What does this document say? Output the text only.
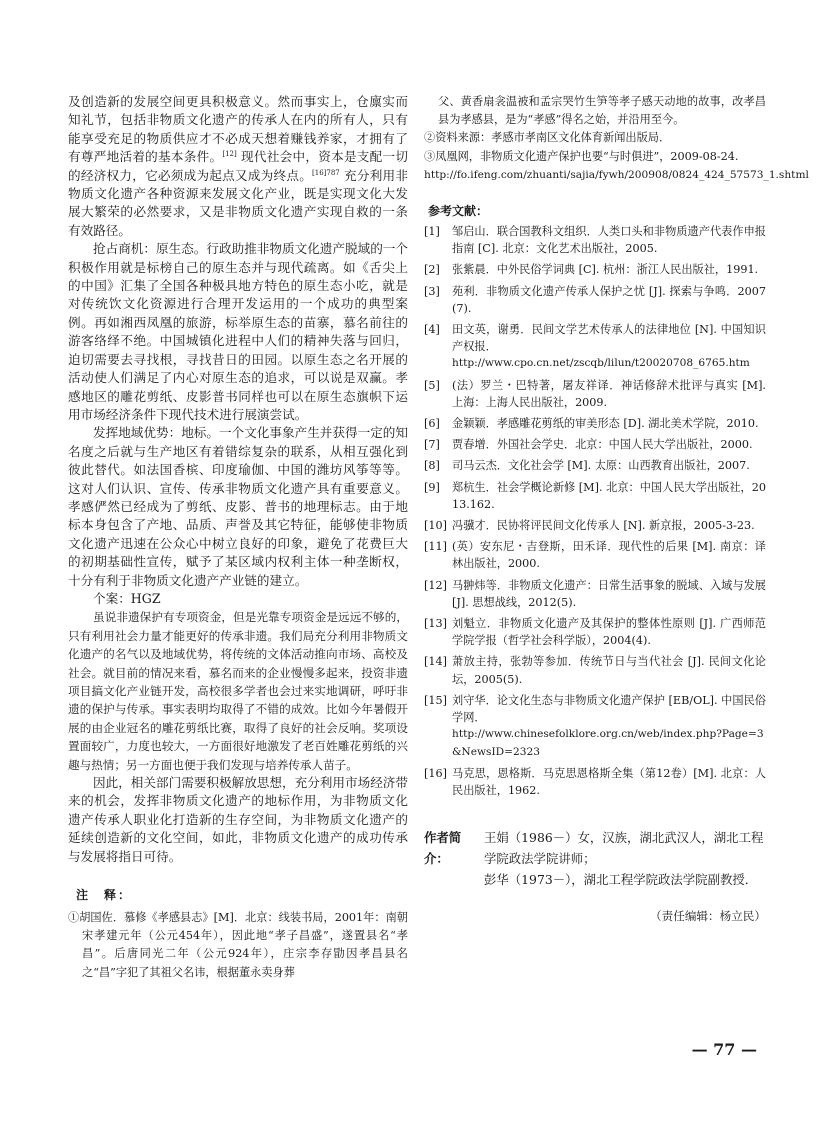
及创造新的发展空间更具积极意义。然而事实上，仓廪实而知礼节，包括非物质文化遗产的传承人在内的所有人，只有能享受充足的物质供应才不必成天想着赚钱养家，才拥有了有尊严地活着的基本条件。[12] 现代社会中，资本是支配一切的经济权力，它必须成为起点又成为终点。$^{[16]787}$ 充分利用非物质文化遗产各种资源来发展文化产业，既是实现文化大发展大繁荣的必然要求，又是非物质文化遗产实现自救的一条有效路径。

抢占商机：原生态。行政助推非物质文化遗产脱域的一个积极作用就是标榜自己的原生态并与现代疏离。如《舌尖上的中国》汇集了全国各种极具地方特色的原生态小吃，就是对传统饮文化资源进行合理开发运用的一个成功的典型案例。再如湘西凤凰的旅游，标举原生态的苗寨，慕名前往的游客络绎不绝。中国城镇化进程中人们的精神失落与回归，迫切需要去寻找根，寻找昔日的田园。以原生态之名开展的活动使人们满足了内心对原生态的追求，可以说是双赢。孝感地区的雕花剪纸、皮影普书同样也可以在原生态旗帜下运用市场经济条件下现代技术进行展演尝试。

发挥地域优势：地标。一个文化事象产生并获得一定的知名度之后就与生产地区有着错综复杂的联系，从相互强化到彼此替代。如法国香槟、印度瑜伽、中国的潍坊风筝等等。这对人们认识、宣传、传承非物质文化遗产具有重要意义。孝感俨然已经成为了剪纸、皮影、普书的地理标志。由于地标本身包含了产地、品质、声誉及其它特征，能够使非物质文化遗产迅速在公众心中树立良好的印象，避免了花费巨大的初期基础性宣传，赋予了某区域内权利主体一种垄断权，十分有利于非物质文化遗产产业链的建立。

个案：HGZ

虽说非遗保护有专项资金，但是光靠专项资金是远远不够的，只有利用社会力量才能更好的传承非遗。我们局充分利用非物质文化遗产的名气以及地域优势，将传统的文体活动推向市场、高校及社会。就目前的情况来看，慕名而来的企业慢慢多起来，投资非遗项目搞文化产业链开发，高校很多学者也会过来实地调研，呼吁非遗的保护与传承。事实表明均取得了不错的成效。比如今年暑假开展的由企业冠名的雕花剪纸比赛，取得了良好的社会反响。奖项设置面较广，力度也较大，一方面很好地激发了老百姓雕花剪纸的兴趣与热情；另一方面也便于我们发现与培养传承人苗子。

因此，相关部门需要积极解放思想，充分利用市场经济带来的机会，发挥非物质文化遗产的地标作用，为非物质文化遗产传承人职业化打造新的生存空间，为非物质文化遗产的延续创造新的文化空间，如此，非物质文化遗产的成功传承与发展将指日可待。

注　释：

①胡国佐．慕修《孝感县志》[M]．北京：线装书局，2001年：南朝宋孝建元年（公元454年），因此地“孝子昌盛”，遂置县名“孝昌”。后唐同光二年（公元924年），庄宗李存勖因孝昌县名之“昌”字犯了其祖父名讳，根据董永卖身葬

父、黄香扇衾温被和孟宗哭竹生笋等孝子感天动地的故事，改孝昌县为孝感县，是为“孝感”得名之始，并沿用至今。

②资料来源：孝感市孝南区文化体育新闻出版局．

③凤凰网，非物质文化遗产保护也要“与时俱进”，2009-08-24.
http://fo.ifeng.com/zhuanti/sajia/fywh/200908/0824_424_57573_1.shtml

参考文献：
[1]	邹启山．联合国教科文组织．人类口头和非物质遗产代表作申报指南 [C]. 北京：文化艺术出版社，2005.
[2]	张紫晨．中外民俗学词典 [C]. 杭州：浙江人民出版社，1991.
[3]	苑利．非物质文化遗产传承人保护之忧 [J]. 探索与争鸣．2007(7).
[4]	田文英，谢勇．民间文学艺术传承人的法律地位 [N]. 中国知识产权报．
http://www.cpo.cn.net/zscqb/lilun/t20020708_6765.htm
[5]	(法）罗兰・巴特著，屠友祥译．神话修辞术批评与真实 [M]. 上海：上海人民出版社，2009.
[6]	金颖颖．孝感雕花剪纸的审美形态 [D]. 湖北美术学院，2010.
[7]	贾春增．外国社会学史．北京：中国人民大学出版社，2000.
[8]	司马云杰．文化社会学 [M]. 太原：山西教育出版社，2007.
[9]	郑杭生．社会学概论新修 [M]. 北京：中国人民大学出版社，2013.162.
[10] 冯骥才．民协将评民间文化传承人 [N]. 新京报，2005-3-23.
[11] (英）安东尼・吉登斯，田禾译．现代性的后果 [M]. 南京：译林出版社，2000.
[12] 马翀炜等．非物质文化遗产：日常生活事象的脱域、入域与发展 [J]. 思想战线，2012(5).
[13] 刘魁立．非物质文化遗产及其保护的整体性原则 [J]. 广西师范学院学报（哲学社会科学版），2004(4).
[14] 萧放主持，张勃等参加．传统节日与当代社会 [J]. 民间文化论坛，2005(5).
[15] 刘守华．论文化生态与非物质文化遗产保护 [EB/OL]. 中国民俗学网．
http://www.chinesefolklore.org.cn/web/index.php?Page=3&NewsID=2323
[16] 马克思，恩格斯．马克思恩格斯全集（第12卷）[M]. 北京：人民出版社，1962.
作者简介：
王娟（1986－）女，汉族，湖北武汉人，湖北工程学院政法学院讲师；
彭华（1973－），湖北工程学院政法学院副教授．
（责任编辑：杨立民）
— 77 —
